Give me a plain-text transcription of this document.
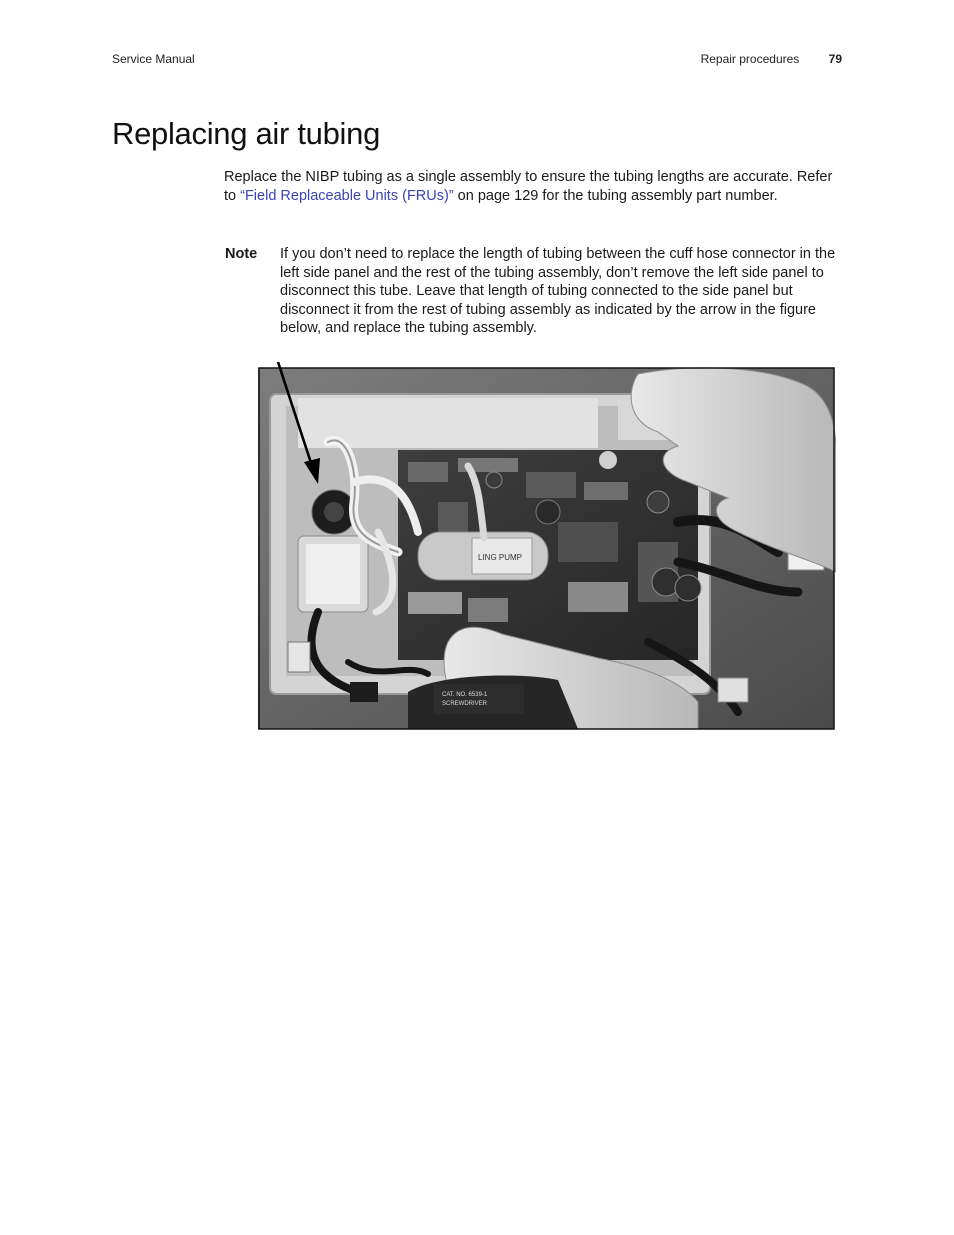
Service Manual	Repair procedures 79
Replacing air tubing

Replace the NIBP tubing as a single assembly to ensure the tubing lengths are accurate. Refer to “Field Replaceable Units (FRUs)” on page 129 for the tubing assembly part number.

Note If you don’t need to replace the length of tubing between the cuff hose connector in the left side panel and the rest of the tubing assembly, don’t remove the left side panel to disconnect this tube. Leave that length of tubing connected to the side panel but disconnect it from the rest of tubing assembly as indicated by the arrow in the figure below, and replace the tubing assembly.

LING PUMP
CAT. NO. 6539-1
SCREWDRIVER
